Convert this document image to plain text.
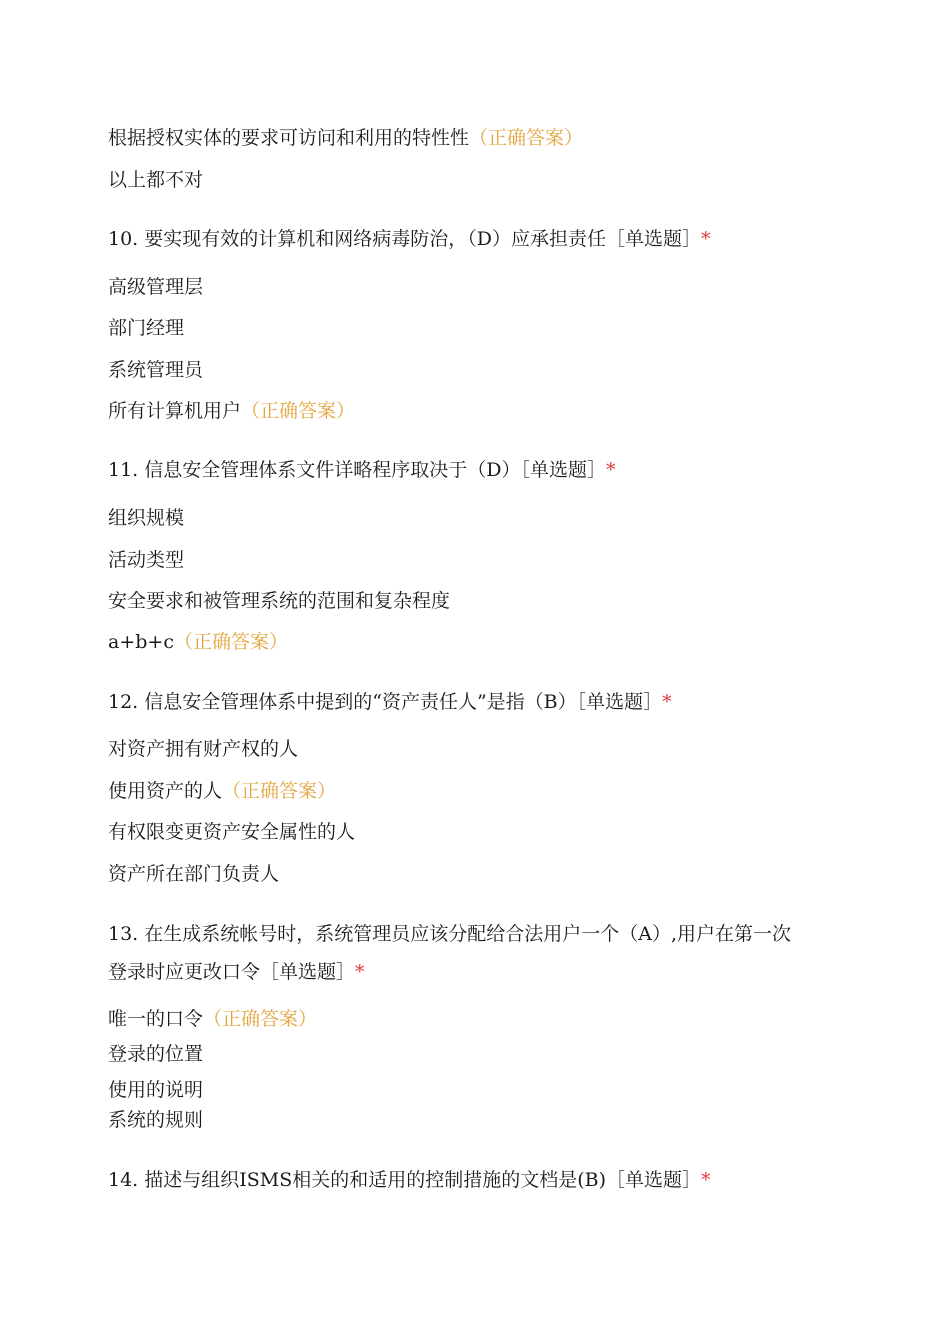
根据授权实体的要求可访问和利用的特性性（正确答案）
以上都不对
10. 要实现有效的计算机和网络病毒防治，（D）应承担责任［单选题］*
高级管理层
部门经理
系统管理员
所有计算机用户（正确答案）
11. 信息安全管理体系文件详略程序取决于（D）［单选题］*
组织规模
活动类型
安全要求和被管理系统的范围和复杂程度
a+b+c（正确答案）
12. 信息安全管理体系中提到的“资产责任人”是指（B）［单选题］*
对资产拥有财产权的人
使用资产的人（正确答案）
有权限变更资产安全属性的人
资产所在部门负责人
13. 在生成系统帐号时，系统管理员应该分配给合法用户一个（A）,用户在第一次
登录时应更改口令［单选题］*
唯一的口令（正确答案）
登录的位置
使用的说明
系统的规则
14. 描述与组织ISMS相关的和适用的控制措施的文档是(B)［单选题］*
